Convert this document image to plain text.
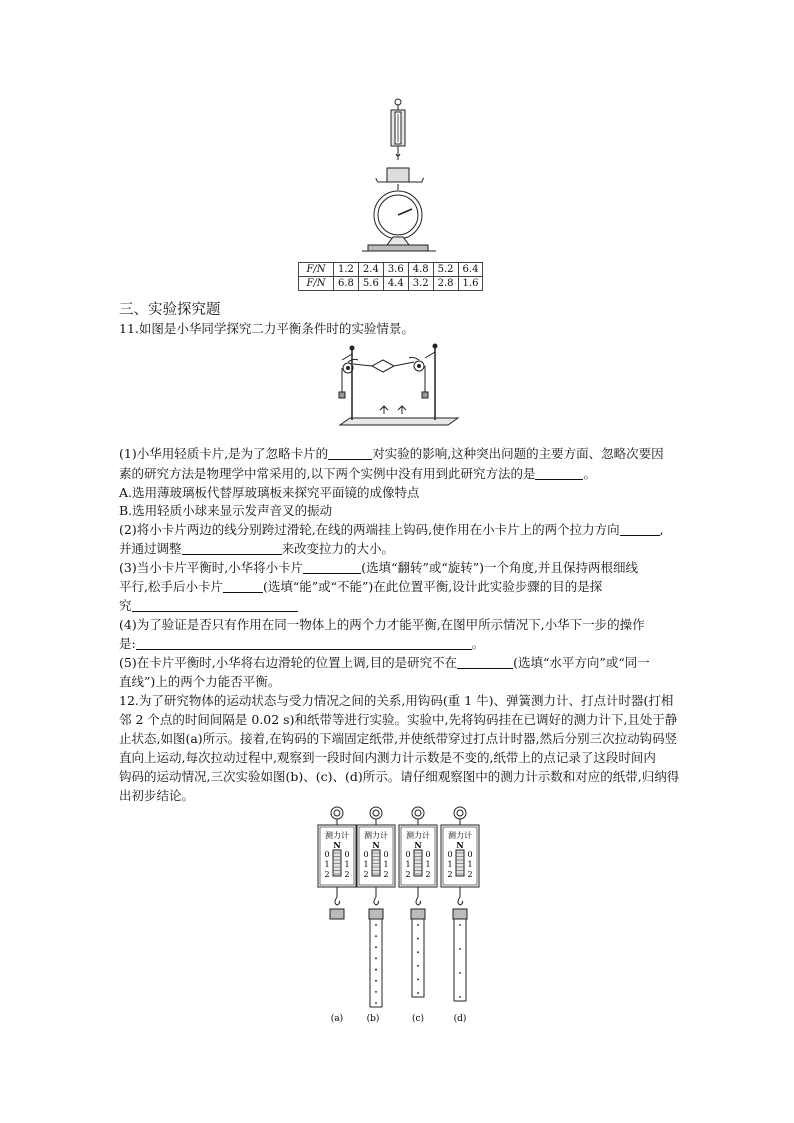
F/N	1.2	2.4	3.6	4.8	5.2	6.4
F/N	6.8	5.6	4.4	3.2	2.8	1.6
三、实验探究题
11.如图是小华同学探究二力平衡条件时的实验情景。
(1)小华用轻质卡片,是为了忽略卡片的	对实验的影响,这种突出问题的主要方面、忽略次要因
素的研究方法是物理学中常采用的,以下两个实例中没有用到此研究方法的是	。
A.选用薄玻璃板代替厚玻璃板来探究平面镜的成像特点
B.选用轻质小球来显示发声音叉的振动
(2)将小卡片两边的线分别跨过滑轮,在线的两端挂上钩码,使作用在小卡片上的两个拉力方向	,
并通过调整	来改变拉力的大小。
(3)当小卡片平衡时,小华将小卡片	(选填“翻转”或“旋转”)一个角度,并且保持两根细线
平行,松手后小卡片	(选填“能”或“不能”)在此位置平衡,设计此实验步骤的目的是探
究
(4)为了验证是否只有作用在同一物体上的两个力才能平衡,在图甲所示情况下,小华下一步的操作
是:	。
(5)在卡片平衡时,小华将右边滑轮的位置上调,目的是研究不在	(选填“水平方向”或“同一
直线”)上的两个力能否平衡。
12.为了研究物体的运动状态与受力情况之间的关系,用钩码(重 1 牛)、弹簧测力计、打点计时器(打相
邻 2 个点的时间间隔是 0.02 s)和纸带等进行实验。实验中,先将钩码挂在已调好的测力计下,且处于静
止状态,如图(a)所示。接着,在钩码的下端固定纸带,并使纸带穿过打点计时器,然后分别三次拉动钩码竖
直向上运动,每次拉动过程中,观察到一段时间内测力计示数是不变的,纸带上的点记录了这段时间内
钩码的运动情况,三次实验如图(b)、(c)、(d)所示。请仔细观察图中的测力计示数和对应的纸带,归纳得
出初步结论。
测力计
N
0 0
1 1
2 2
测力计
N
0 0
1 1
2 2
测力计
N
0 0
1 1
2 2
测力计
N
0 0
1 1
2 2
(a)	(b)	(c)	(d)
